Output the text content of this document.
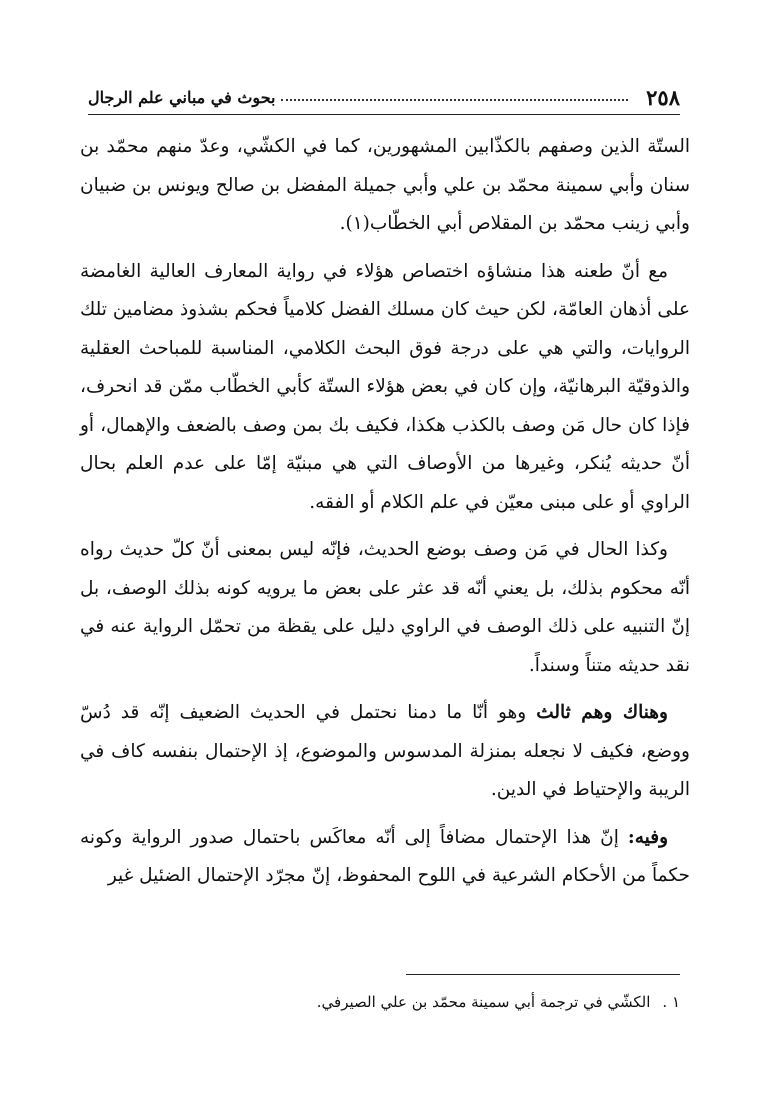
٢٥٨
بحوث في مباني علم الرجال

الستّة الذين وصفهم بالكذّابين المشهورين، كما في الكشّي، وعدّ منهم محمّد بن سنان وأبي سمينة محمّد بن علي وأبي جميلة المفضل بن صالح ويونس بن ضبيان وأبي زينب محمّد بن المقلاص أبي الخطّاب(١).

مع أنّ طعنه هذا منشاؤه اختصاص هؤلاء في رواية المعارف العالية الغامضة على أذهان العامّة، لكن حيث كان مسلك الفضل كلامياً فحكم بشذوذ مضامين تلك الروايات، والتي هي على درجة فوق البحث الكلامي، المناسبة للمباحث العقلية والذوقيّة البرهانيّة، وإن كان في بعض هؤلاء الستّة كأبي الخطّاب ممّن قد انحرف، فإذا كان حال مَن وصف بالكذب هكذا، فكيف بك بمن وصف بالضعف والإهمال، أو أنّ حديثه يُنكر، وغيرها من الأوصاف التي هي مبنيّة إمّا على عدم العلم بحال الراوي أو على مبنى معيّن في علم الكلام أو الفقه.

وكذا الحال في مَن وصف بوضع الحديث، فإنّه ليس بمعنى أنّ كلّ حديث رواه أنّه محكوم بذلك، بل يعني أنّه قد عثر على بعض ما يرويه كونه بذلك الوصف، بل إنّ التنبيه على ذلك الوصف في الراوي دليل على يقظة من تحمّل الرواية عنه في نقد حديثه متناً وسنداً.

وهناك وهم ثالث وهو أنّا ما دمنا نحتمل في الحديث الضعيف إنّه قد دُسّ ووضع، فكيف لا نجعله بمنزلة المدسوس والموضوع، إذ الإحتمال بنفسه كاف في الريبة والإحتياط في الدين.

وفيه: إنّ هذا الإحتمال مضافاً إلى أنّه معاكَس باحتمال صدور الرواية وكونه حكماً من الأحكام الشرعية في اللوح المحفوظ، إنّ مجرّد الإحتمال الضئيل غير

١ .الكشّي في ترجمة أبي سمينة محمّد بن علي الصيرفي.
